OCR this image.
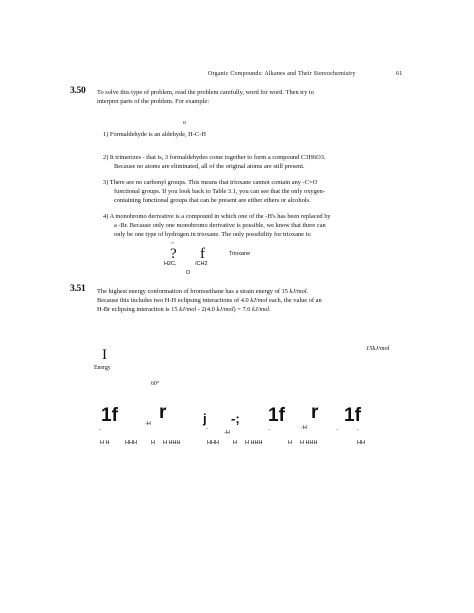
Organic Compounds: Alkanes and Their Stereochemistry	61
3.50 To solve this type of problem, read the problem carefully, word for word. Then try to
interpret parts of the problem. For example:
o
1) Formaldehyde is an aldehyde, H-C-H
2) It trimerizes - that is, 3 formaldehydes come together to form a compound C3H6O3.
Because no atoms are eliminated, all of the original atoms are still present.
3) There are no carbonyl groups. This means that trioxane cannot contain any -C=O
functional groups. If you look back to Table 3.1, you can see that the only oxygen-
containing functional groups that can be present are either ethers or alcohols.
4) A monobromo derivative is a compound in which one of the -H's has been replaced by
a -Br. Because only one monobromo derivative is possible, we know that there can
only be one type of hydrogen in trioxane. The only possibility for trioxane is:
~
? f
H2C,	/CH2
O
Trioxane
3.51 The highest energy conformation of bromoethane has a strain energy of 15 kJ/mol.
Because this includes two H-H eclipsing interactions of 4.0 kJ/mol each, the value of an
H-Br eclipsing interaction is 15 kJ/mol - 2(4.0 kJ/mol) = 7.0 kJ/mol.
15kJ/mol
I
Energy
60°
1f r	j -; 1f r 1f
-
-H
-
-H	-	-H	-	-
H H	HHH	H H HHH	HHH	H H HHH	H H HHH	HH
